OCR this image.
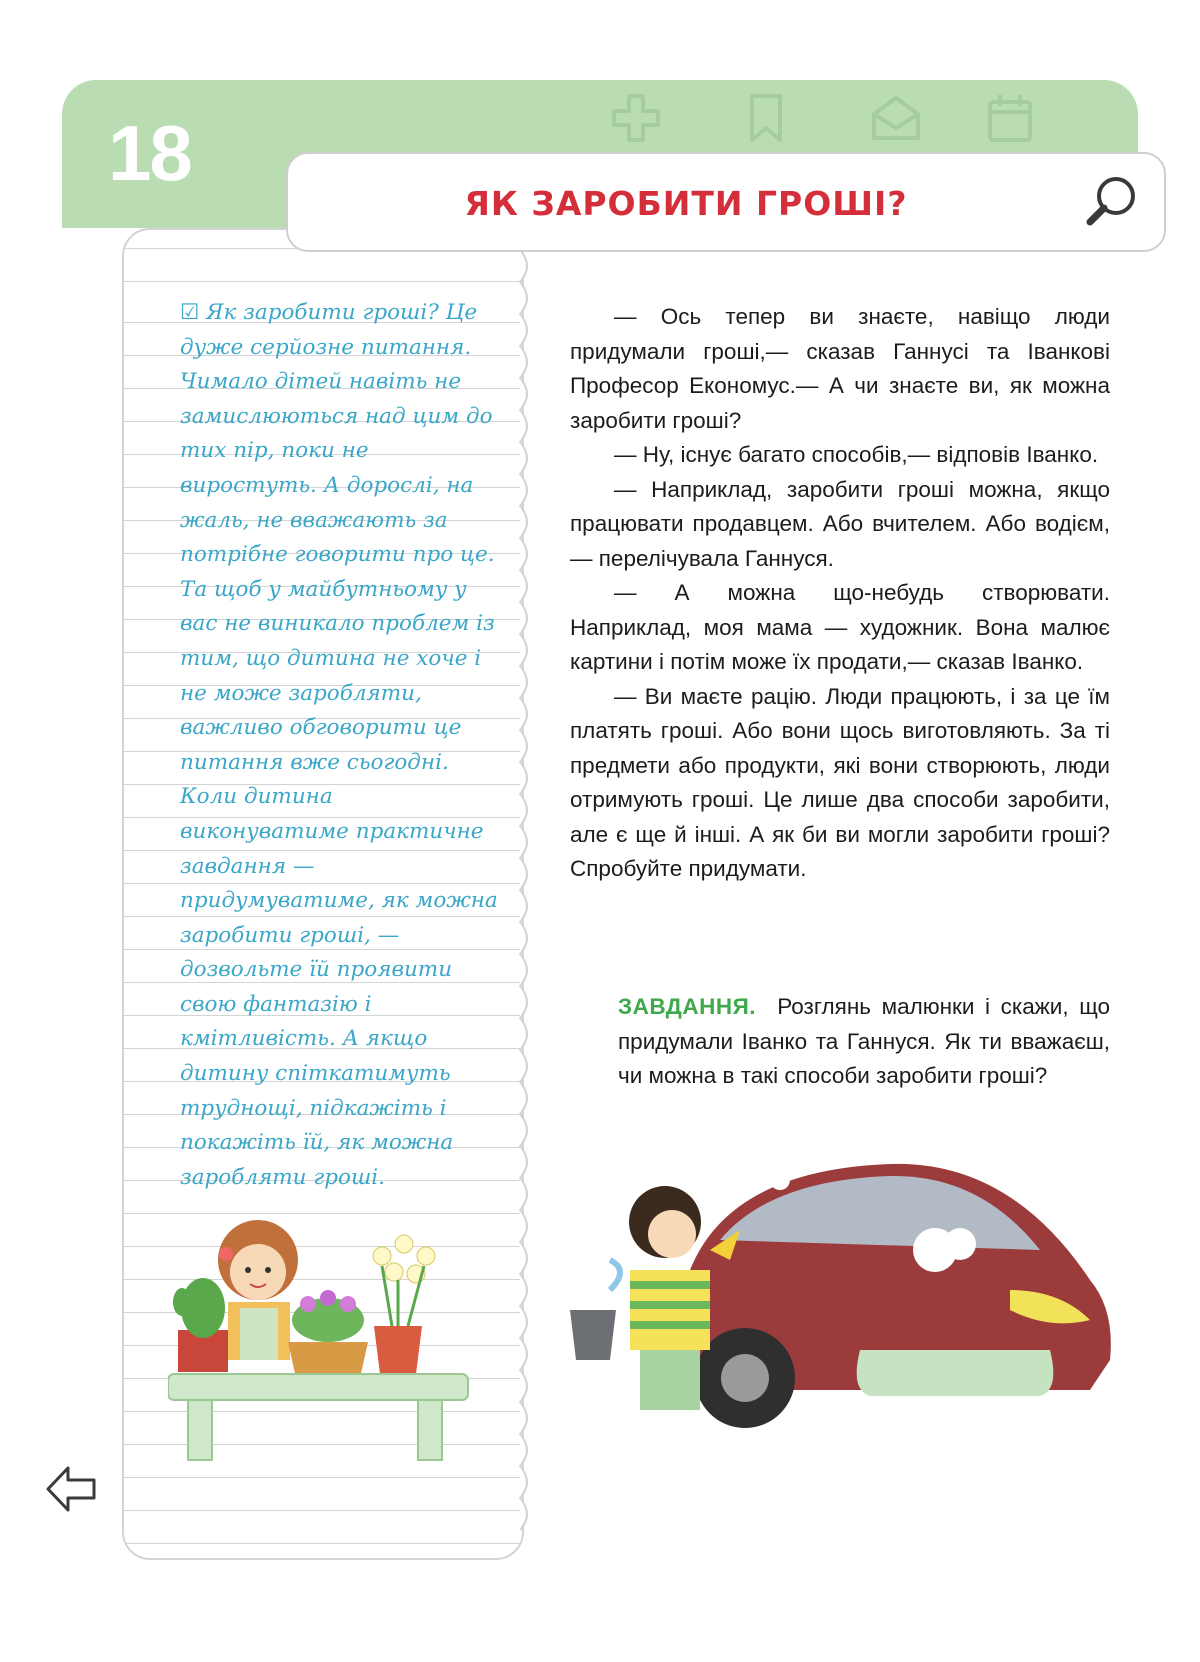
18
☑ Як заробити гроші? Це дуже серйозне питання. Чимало дітей навіть не замислюються над цим до тих пір, поки не виростуть. А дорослі, на жаль, не вважають за потрібне говорити про це. Та щоб у майбутньому у вас не виникало проблем із тим, що дитина не хоче і не може заробляти, важливо обговорити це питання вже сьогодні. Коли дитина виконуватиме практичне завдання — придумуватиме, як можна заробити гроші, — дозвольте їй проявити свою фантазію і кмітливість. А якщо дитину спіткатимуть труднощі, підкажіть і покажіть їй, як можна заробляти гроші.
ЯК ЗАРОБИТИ ГРОШІ?

— Ось тепер ви знаєте, навіщо люди придумали гроші,— сказав Ганнусі та Іванкові Професор Економус.— А чи знаєте ви, як можна заробити гроші?

— Ну, існує багато способів,— відповів Іванко.

— Наприклад, заробити гроші можна, якщо працювати продавцем. Або вчителем. Або водієм,— перелічувала Ганнуся.

— А можна що-небудь створювати. Наприклад, моя мама — художник. Вона малює картини і потім може їх продати,— сказав Іванко.

— Ви маєте рацію. Люди працюють, і за це їм платять гроші. Або вони щось виготовляють. За ті предмети або продукти, які вони створюють, люди отримують гроші. Це лише два способи заробити, але є ще й інші. А як би ви могли заробити гроші? Спробуйте придумати.

ЗАВДАННЯ. Розглянь малюнки і скажи, що придумали Іванко та Ганнуся. Як ти вважаєш, чи можна в такі способи заробити гроші?
